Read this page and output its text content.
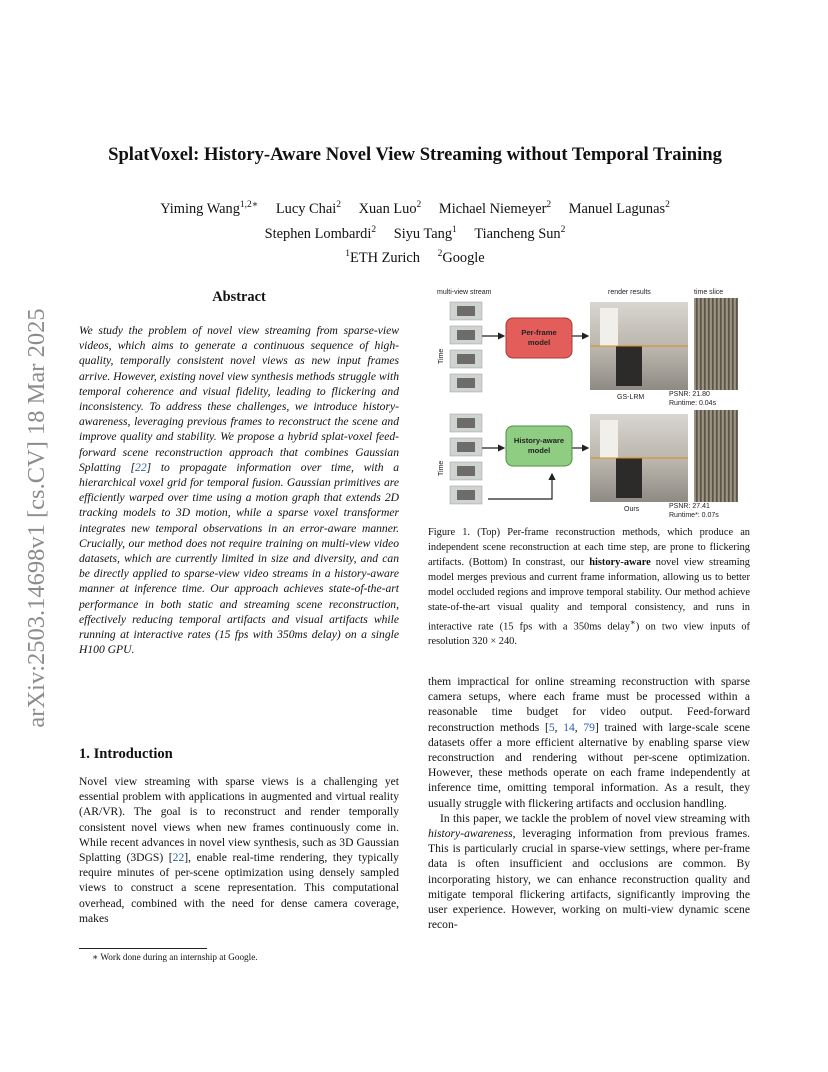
arXiv:2503.14698v1 [cs.CV] 18 Mar 2025
SplatVoxel: History-Aware Novel View Streaming without Temporal Training
Yiming Wang$^{1,2∗}$ Lucy Chai$^2$ Xuan Luo$^2$ Michael Niemeyer$^2$ Manuel Lagunas$^2$
Stephen Lombardi$^2$ Siyu Tang$^1$ Tiancheng Sun$^2$
$^1$ETH Zurich $^2$Google
Abstract

We study the problem of novel view streaming from sparse-view videos, which aims to generate a continuous sequence of high-quality, temporally consistent novel views as new input frames arrive. However, existing novel view synthesis methods struggle with temporal coherence and visual fidelity, leading to flickering and inconsistency. To address these challenges, we introduce history-awareness, leveraging previous frames to reconstruct the scene and improve quality and stability. We propose a hybrid splat-voxel feed-forward scene reconstruction approach that combines Gaussian Splatting [22] to propagate information over time, with a hierarchical voxel grid for temporal fusion. Gaussian primitives are efficiently warped over time using a motion graph that extends 2D tracking models to 3D motion, while a sparse voxel transformer integrates new temporal observations in an error-aware manner. Crucially, our method does not require training on multi-view video datasets, which are currently limited in size and diversity, and can be directly applied to sparse-view video streams in a history-aware manner at inference time. Our approach achieves state-of-the-art performance in both static and streaming scene reconstruction, effectively reducing temporal artifacts and visual artifacts while running at interactive rates (15 fps with 350ms delay) on a single H100 GPU.

1. Introduction

Novel view streaming with sparse views is a challenging yet essential problem with applications in augmented and virtual reality (AR/VR). The goal is to reconstruct and render temporally consistent novel views when new frames continuously come in. While recent advances in novel view synthesis, such as 3D Gaussian Splatting (3DGS) [22], enable real-time rendering, they typically require minutes of per-scene optimization using densely sampled views to construct a scene representation. This computational overhead, combined with the need for dense camera coverage, makes

∗ Work done during an internship at Google.
multi-view stream	render results	time slice
Time
Time
Per-frame model
History-aware model
GS-LRM
Ours
PSNR: 21.80
Runtime: 0.04s
PSNR: 27.41
Runtime*: 0.07s
Figure 1. (Top) Per-frame reconstruction methods, which produce an independent scene reconstruction at each time step, are prone to flickering artifacts. (Bottom) In constrast, our history-aware novel view streaming model merges previous and current frame information, allowing us to better model occluded regions and improve temporal stability. Our method achieve state-of-the-art visual quality and temporal consistency, and runs in interactive rate (15 fps with a 350ms delay∗) on two view inputs of resolution 320 × 240.

them impractical for online streaming reconstruction with sparse camera setups, where each frame must be processed within a reasonable time budget for video output. Feed-forward reconstruction methods [5, 14, 79] trained with large-scale scene datasets offer a more efficient alternative by enabling sparse view reconstruction and rendering without per-scene optimization. However, these methods operate on each frame independently at inference time, omitting temporal information. As a result, they usually struggle with flickering artifacts and occlusion handling.

In this paper, we tackle the problem of novel view streaming with history-awareness, leveraging information from previous frames. This is particularly crucial in sparse-view settings, where per-frame data is often insufficient and occlusions are common. By incorporating history, we can enhance reconstruction quality and mitigate temporal flickering artifacts, significantly improving the user experience. However, working on multi-view dynamic scene recon-
